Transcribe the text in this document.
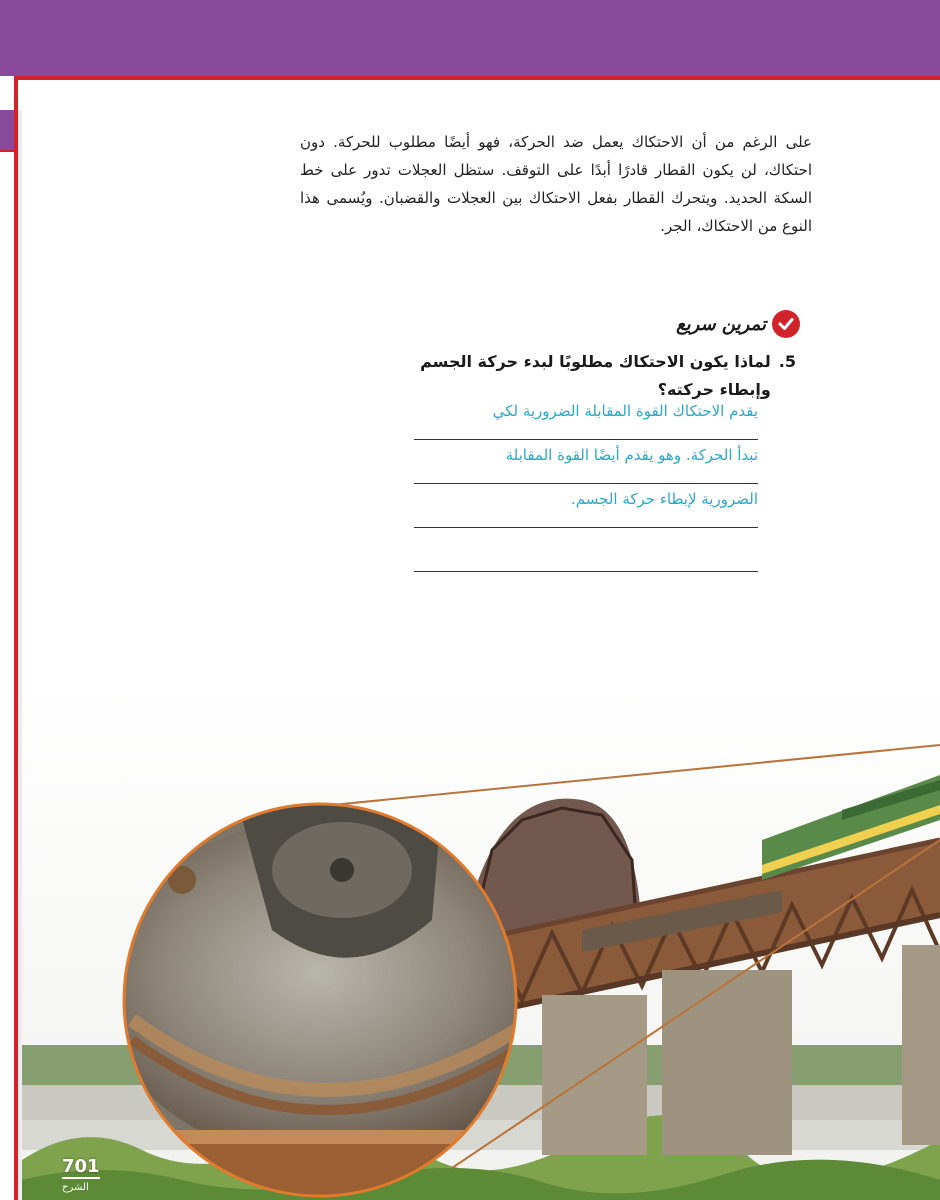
على الرغم من أن الاحتكاك يعمل ضد الحركة، فهو أيضًا مطلوب للحركة. دون احتكاك، لن يكون القطار قادرًا أبدًا على التوقف. ستظل العجلات تدور على خط السكة الحديد. ويتحرك القطار بفعل الاحتكاك بين العجلات والقضبان. ويُسمى هذا النوع من الاحتكاك، الجر.
تمرين سريع
5.
لماذا يكون الاحتكاك مطلوبًا لبدء حركة الجسم وإبطاء حركته؟
يقدم الاحتكاك القوة المقابلة الضرورية لكي
تبدأ الحركة. وهو يقدم أيضًا القوة المقابلة
الضرورية لإبطاء حركة الجسم.
701
الشرح
